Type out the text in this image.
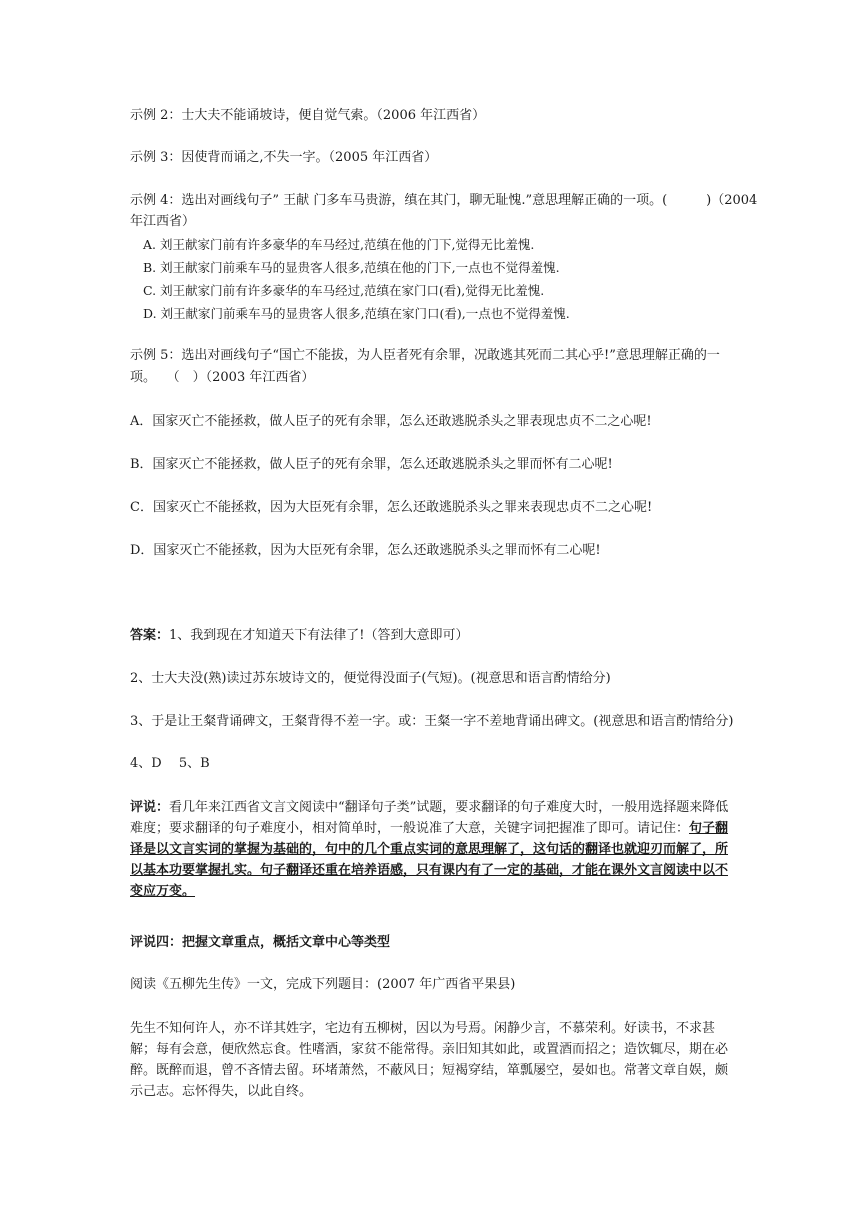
示例 2：士大夫不能诵坡诗，便自觉气索。（2006 年江西省）
示例 3：因使背而诵之,不失一字。（2005 年江西省）
示例 4：选出对画线句子” 王献 门多车马贵游，缜在其门，聊无耻愧.”意思理解正确的一项。(　　　)（2004
年江西省）
A. 刘王献家门前有许多豪华的车马经过,范缜在他的门下,觉得无比羞愧.
B. 刘王献家门前乘车马的显贵客人很多,范缜在他的门下,一点也不觉得羞愧.
C. 刘王献家门前有许多豪华的车马经过,范缜在家门口(看),觉得无比羞愧.
D. 刘王献家门前乘车马的显贵客人很多,范缜在家门口(看),一点也不觉得羞愧.
示例 5：选出对画线句子“国亡不能拔，为人臣者死有余罪，况敢逃其死而二其心乎!”意思理解正确的一
项。　 （　）（2003 年江西省）
A．国家灭亡不能拯救，做人臣子的死有余罪，怎么还敢逃脱杀头之罪表现忠贞不二之心呢!
B．国家灭亡不能拯救，做人臣子的死有余罪，怎么还敢逃脱杀头之罪而怀有二心呢!
C．国家灭亡不能拯救，因为大臣死有余罪，怎么还敢逃脱杀头之罪来表现忠贞不二之心呢!
D．国家灭亡不能拯救，因为大臣死有余罪，怎么还敢逃脱杀头之罪而怀有二心呢!
答案：1、我到现在才知道天下有法律了!（答到大意即可）
2、士大夫没(熟)读过苏东坡诗文的，便觉得没面子(气短)。(视意思和语言酌情给分)
3、于是让王粲背诵碑文，王粲背得不差一字。或：王粲一字不差地背诵出碑文。(视意思和语言酌情给分)
4、D　 5、B
评说：看几年来江西省文言文阅读中“翻译句子类”试题，要求翻译的句子难度大时，一般用选择题来降低难度；要求翻译的句子难度小，相对简单时，一般说准了大意，关键字词把握准了即可。请记住：句子翻译是以文言实词的掌握为基础的，句中的几个重点实词的意思理解了，这句话的翻译也就迎刃而解了，所以基本功要掌握扎实。句子翻译还重在培养语感，只有课内有了一定的基础，才能在课外文言阅读中以不变应万变。
评说四：把握文章重点，概括文章中心等类型
阅读《五柳先生传》一文，完成下列题目：(2007 年广西省平果县)
先生不知何许人，亦不详其姓字，宅边有五柳树，因以为号焉。闲静少言，不慕荣利。好读书，不求甚解；每有会意，便欣然忘食。性嗜酒，家贫不能常得。亲旧知其如此，或置酒而招之；造饮辄尽，期在必醉。既醉而退，曾不吝情去留。环堵萧然，不蔽风日；短褐穿结，箪瓢屡空，晏如也。常著文章自娱，颇示己志。忘怀得失，以此自终。
